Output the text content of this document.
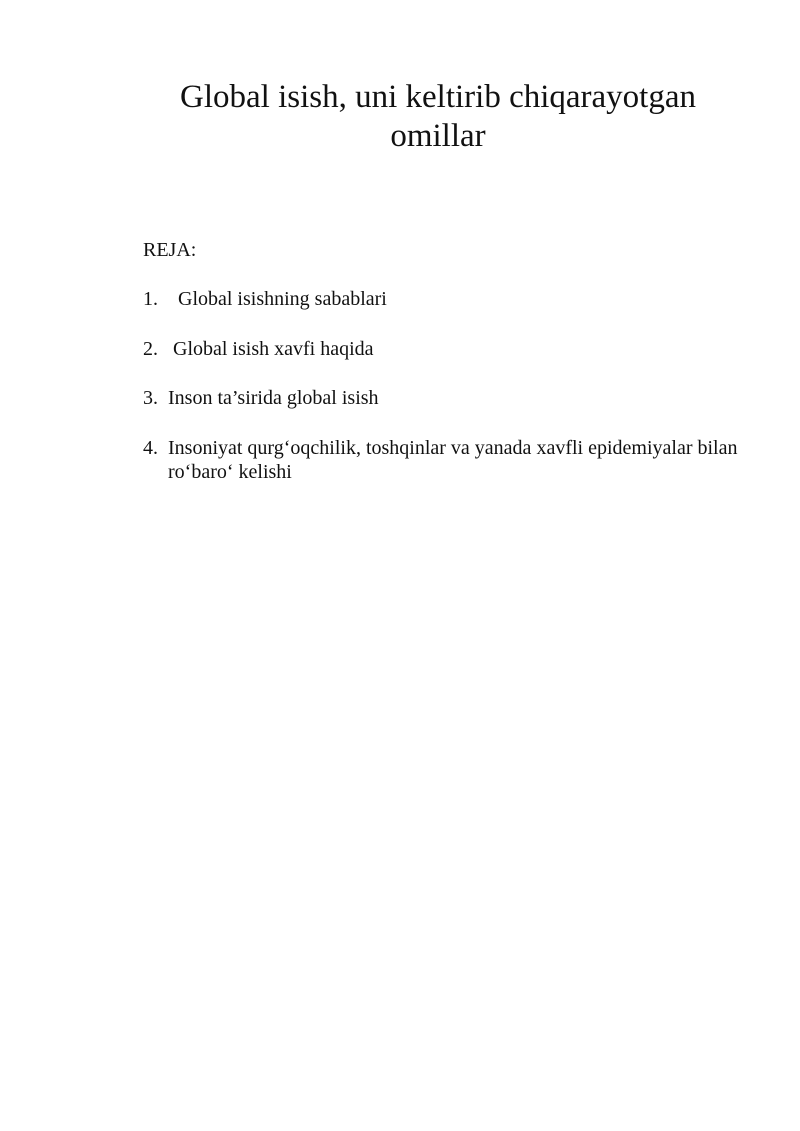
Global isish, uni keltirib chiqarayotgan omillar

REJA:

1. Global isishning sabablari
2. Global isish xavfi haqida
3. Inson ta’sirida global isish
4. Insoniyat qurg‘oqchilik, toshqinlar va yanada xavfli epidemiyalar bilan ro‘baro‘ kelishi
